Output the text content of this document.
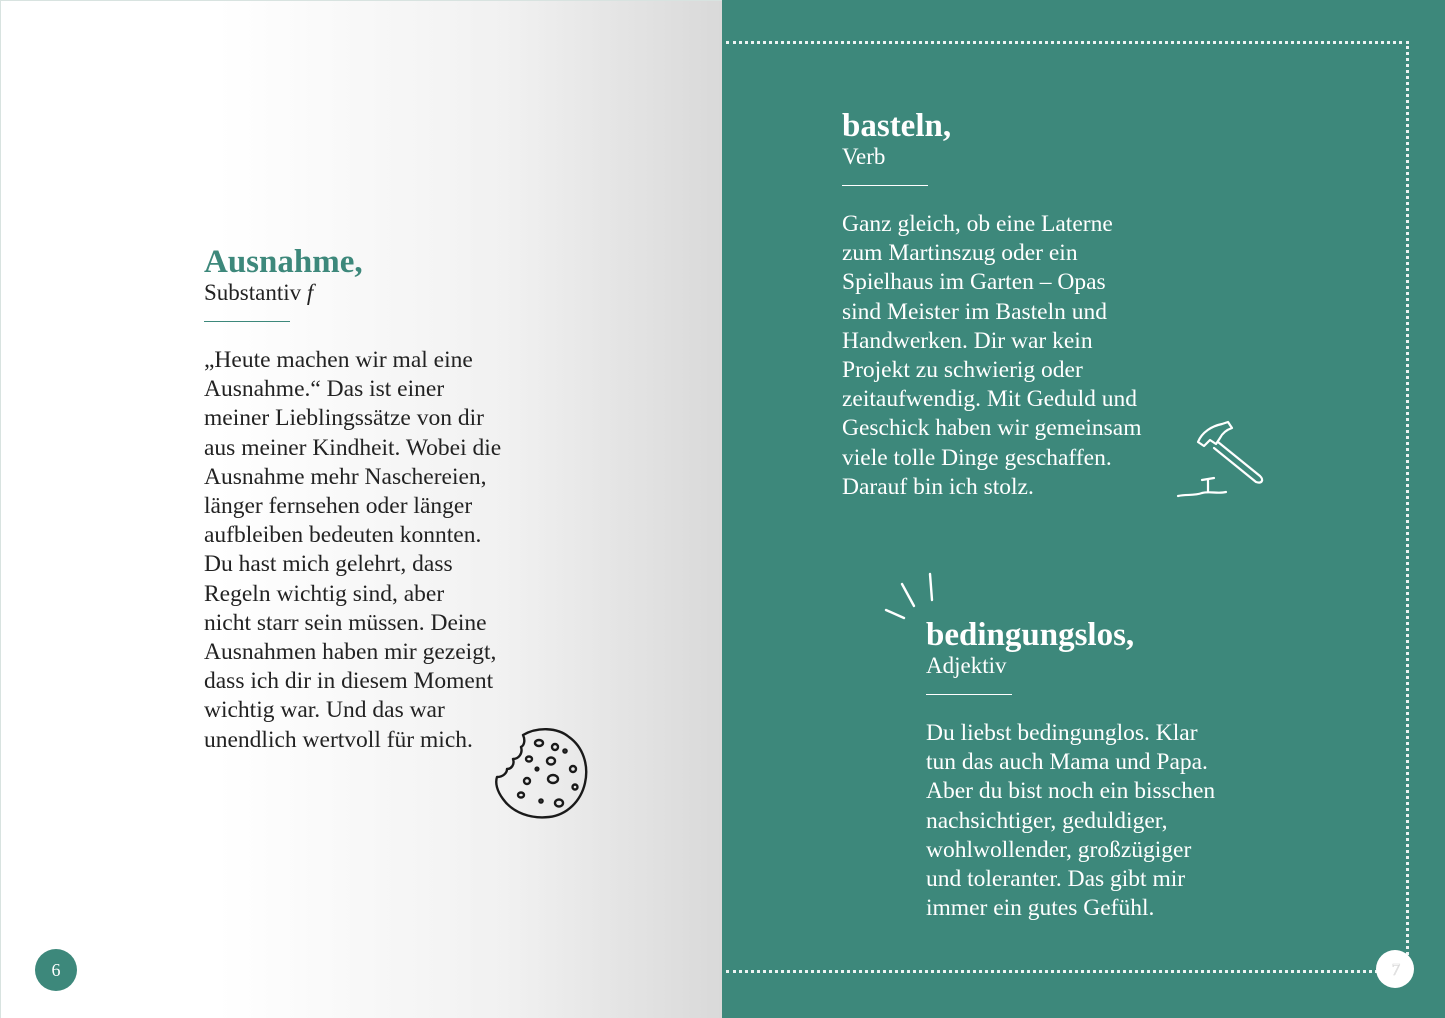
Ausnahme,
Substantiv f

„Heute machen wir mal eine
Ausnahme.“ Das ist einer
meiner Lieblingssätze von dir
aus meiner Kindheit. Wobei die
Ausnahme mehr Naschereien,
länger fernsehen oder länger
aufbleiben bedeuten konnten.
Du hast mich gelehrt, dass
Regeln wichtig sind, aber
nicht starr sein müssen. Deine
Ausnahmen haben mir gezeigt,
dass ich dir in diesem Moment
wichtig war. Und das war
unendlich wertvoll für mich.

6
basteln,
Verb

Ganz gleich, ob eine Laterne
zum Martinszug oder ein
Spielhaus im Garten – Opas
sind Meister im Basteln und
Handwerken. Dir war kein
Projekt zu schwierig oder
zeitaufwendig. Mit Geduld und
Geschick haben wir gemeinsam
viele tolle Dinge geschaffen.
Darauf bin ich stolz.

bedingungslos,
Adjektiv

Du liebst bedingunglos. Klar
tun das auch Mama und Papa.
Aber du bist noch ein bisschen
nachsichtiger, geduldiger,
wohlwollender, großzügiger
und toleranter. Das gibt mir
immer ein gutes Gefühl.

7
